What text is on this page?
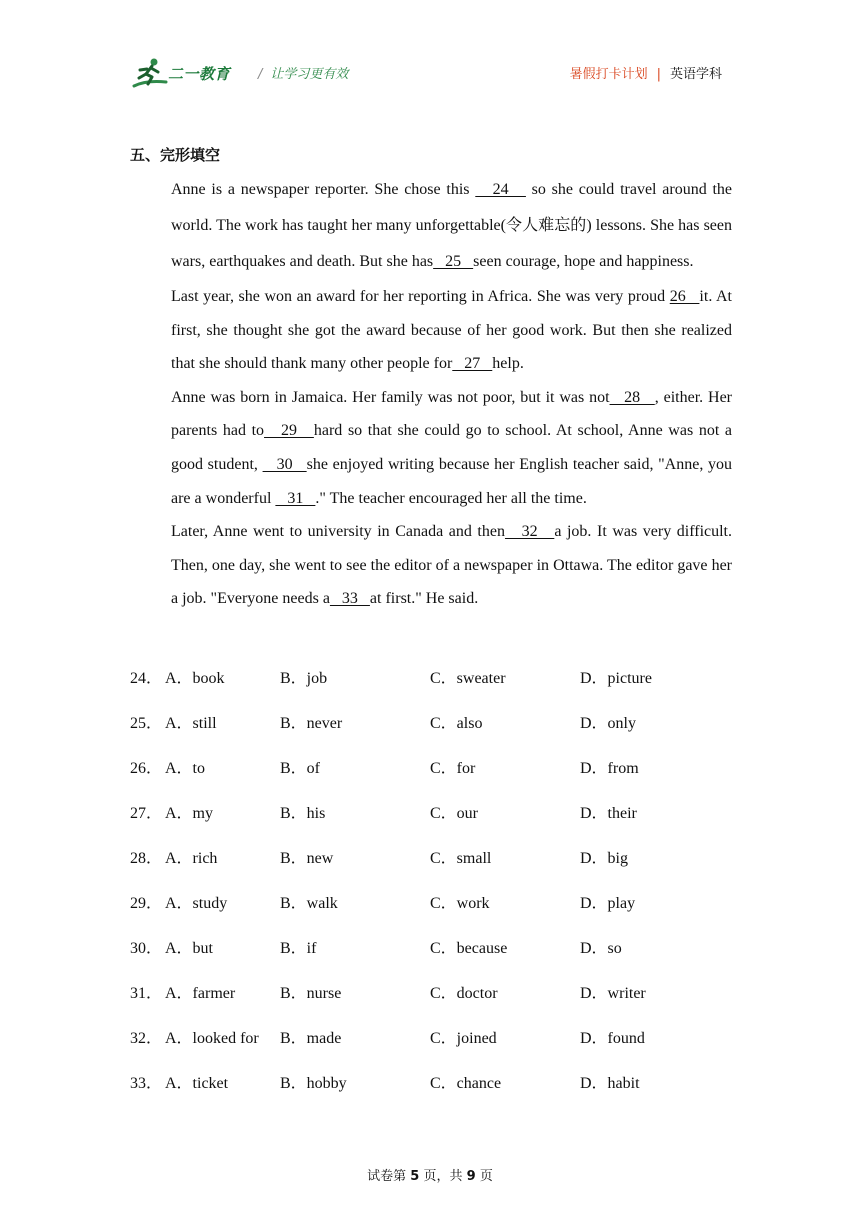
二一教育 / 让学习更有效	暑假打卡计划 | 英语学科
五、完形填空

Anne is a newspaper reporter. She chose this    24    so she could travel around the world. The work has taught her many unforgettable(令人难忘的) lessons. She has seen wars, earthquakes and death. But she has   25   seen courage, hope and happiness.

Last year, she won an award for her reporting in Africa. She was very proud 26   it. At first, she thought she got the award because of her good work. But then she realized that she should thank many other people for   27   help.

Anne was born in Jamaica. Her family was not poor, but it was not   28   , either. Her parents had to   29   hard so that she could go to school. At school, Anne was not a good student,    30   she enjoyed writing because her English teacher said, "Anne, you are a wonderful    31   ." The teacher encouraged her all the time.

Later, Anne went to university in Canada and then   32   a job. It was very difficult. Then, one day, she went to see the editor of a newspaper in Ottawa. The editor gave her a job. "Everyone needs a   33   at first." He said.

24． A．book	B．job	C．sweater	D．picture
25． A．still	B．never	C．also	D．only
26． A．to	B．of	C．for	D．from
27． A．my	B．his	C．our	D．their
28． A．rich	B．new	C．small	D．big
29． A．study	B．walk	C．work	D．play
30． A．but	B．if	C．because	D．so
31． A．farmer	B．nurse	C．doctor	D．writer
32． A．looked for B．made	C．joined	D．found
33． A．ticket	B．hobby	C．chance	D．habit
试卷第 5 页，共 9 页
